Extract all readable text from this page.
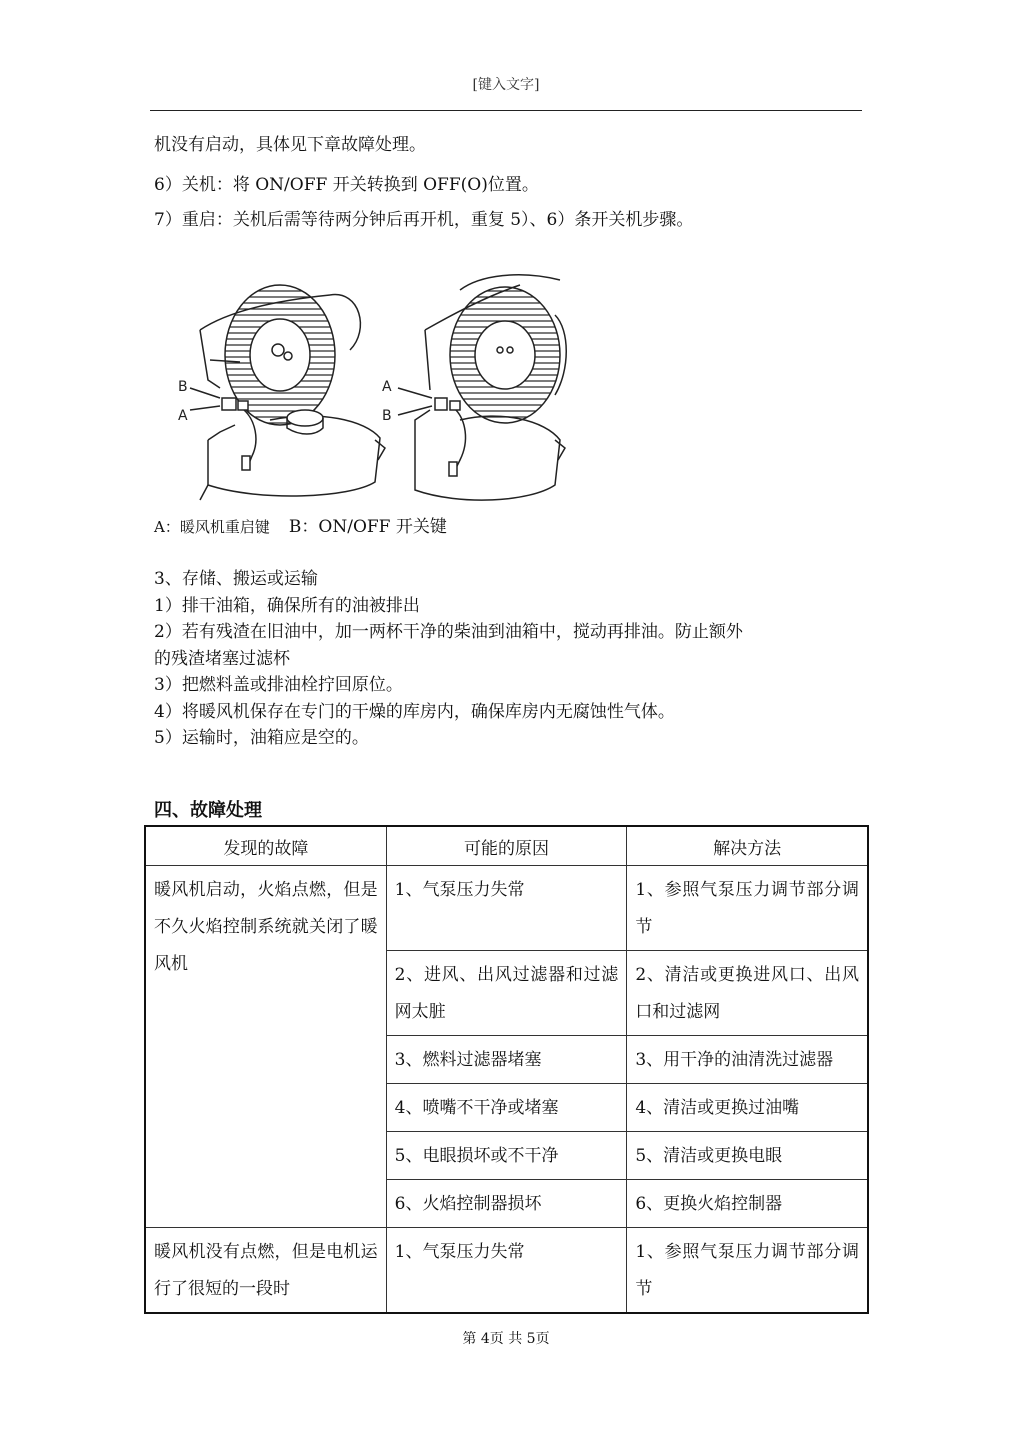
[键入文字]
机没有启动，具体见下章故障处理。
6）关机：将 ON/OFF 开关转换到 OFF(O)位置。
7）重启：关机后需等待两分钟后再开机，重复 5）、6）条开关机步骤。
B
A
A
B
A：暖风机重启键 B：ON/OFF 开关键
3、存储、搬运或运输
1）排干油箱，确保所有的油被排出
2）若有残渣在旧油中，加一两杯干净的柴油到油箱中，搅动再排油。防止额外
的残渣堵塞过滤杯
3）把燃料盖或排油栓拧回原位。
4）将暖风机保存在专门的干燥的库房内，确保库房内无腐蚀性气体。
5）运输时，油箱应是空的。
四、故障处理
发现的故障	可能的原因	解决方法
暖风机启动，火焰点燃，但是不久火焰控制系统就关闭了暖风机	1、气泵压力失常	1、参照气泵压力调节部分调节
	2、进风、出风过滤器和过滤网太脏	2、清洁或更换进风口、出风口和过滤网
	3、燃料过滤器堵塞	3、用干净的油清洗过滤器
	4、喷嘴不干净或堵塞	4、清洁或更换过油嘴
	5、电眼损坏或不干净	5、清洁或更换电眼
	6、火焰控制器损坏	6、更换火焰控制器
暖风机没有点燃，但是电机运行了很短的一段时	1、气泵压力失常	1、参照气泵压力调节部分调节
第 4页 共 5页
